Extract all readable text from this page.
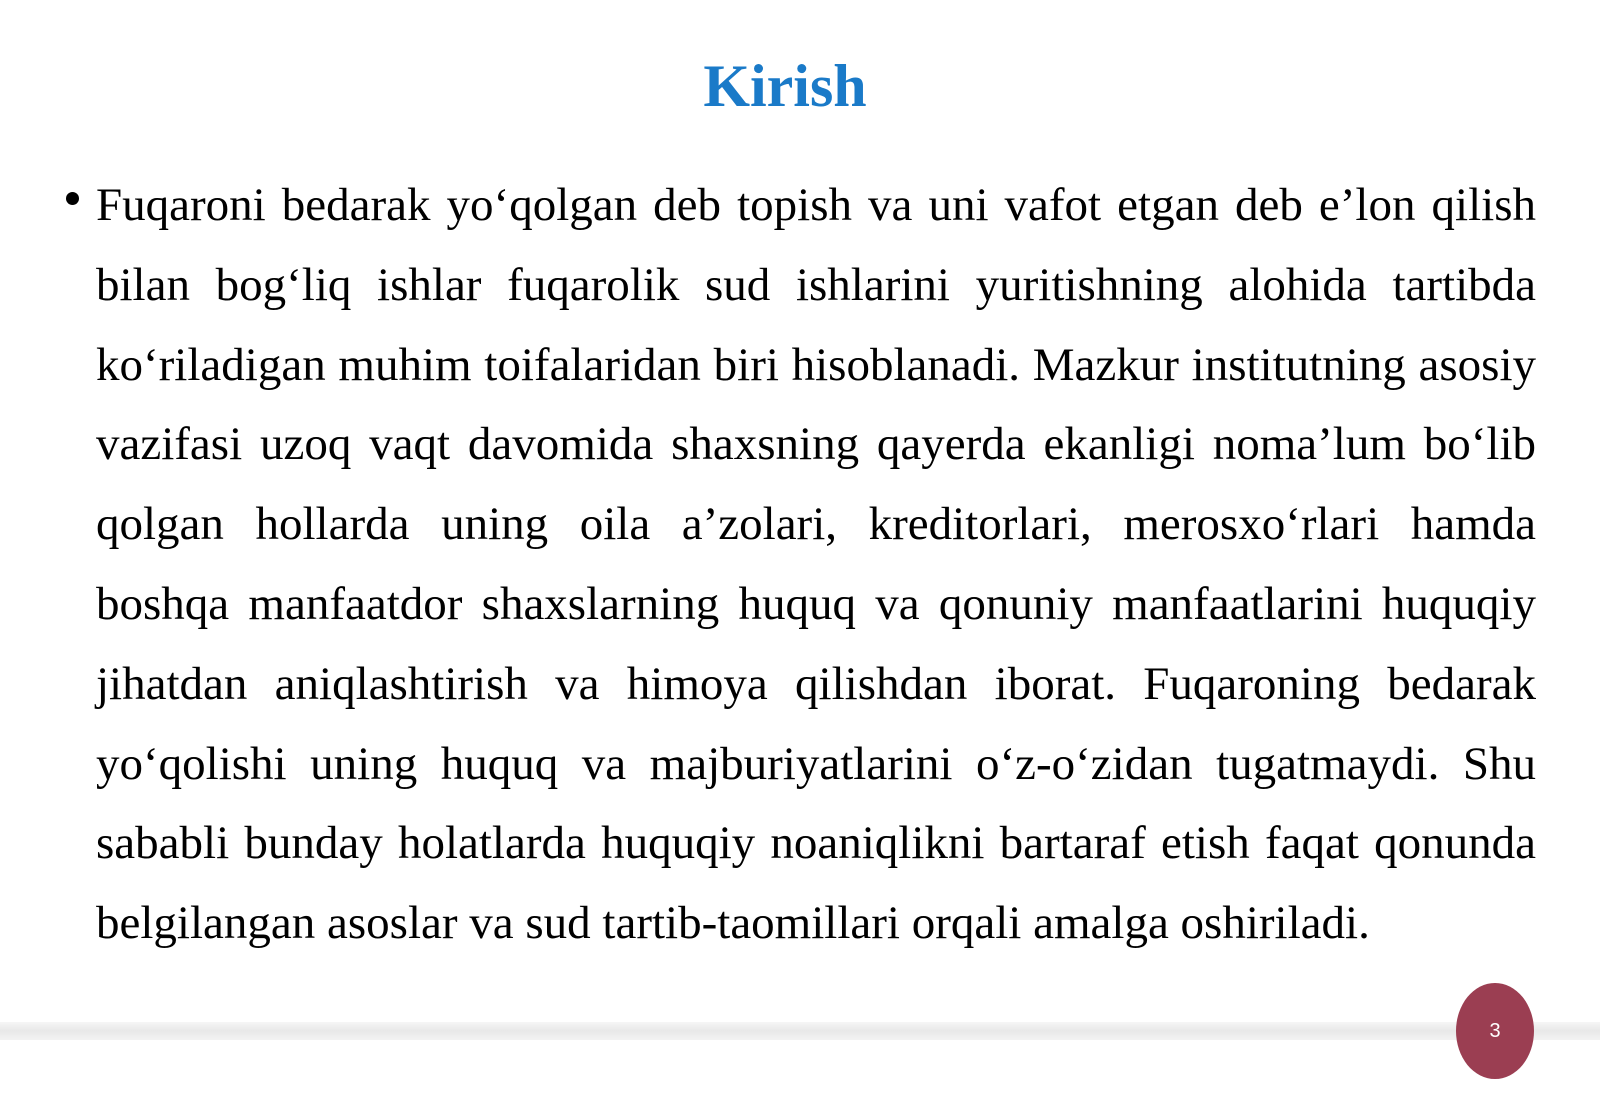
Kirish

Fuqaroni bedarak yo‘qolgan deb topish va uni vafot etgan deb e’lon qilish bilan bog‘liq ishlar fuqarolik sud ishlarini yuritishning alohida tartibda ko‘riladigan muhim toifalaridan biri hisoblanadi. Mazkur institutning asosiy vazifasi uzoq vaqt davomida shaxsning qayerda ekanligi noma’lum bo‘lib qolgan hollarda uning oila a’zolari, kreditorlari, merosxo‘rlari hamda boshqa manfaatdor shaxslarning huquq va qonuniy manfaatlarini huquqiy jihatdan aniqlashtirish va himoya qilishdan iborat. Fuqaroning bedarak yo‘qolishi uning huquq va majburiyatlarini o‘z-o‘zidan tugatmaydi. Shu sababli bunday holatlarda huquqiy noaniqlikni bartaraf etish faqat qonunda belgilangan asoslar va sud tartib-taomillari orqali amalga oshiriladi.

3
